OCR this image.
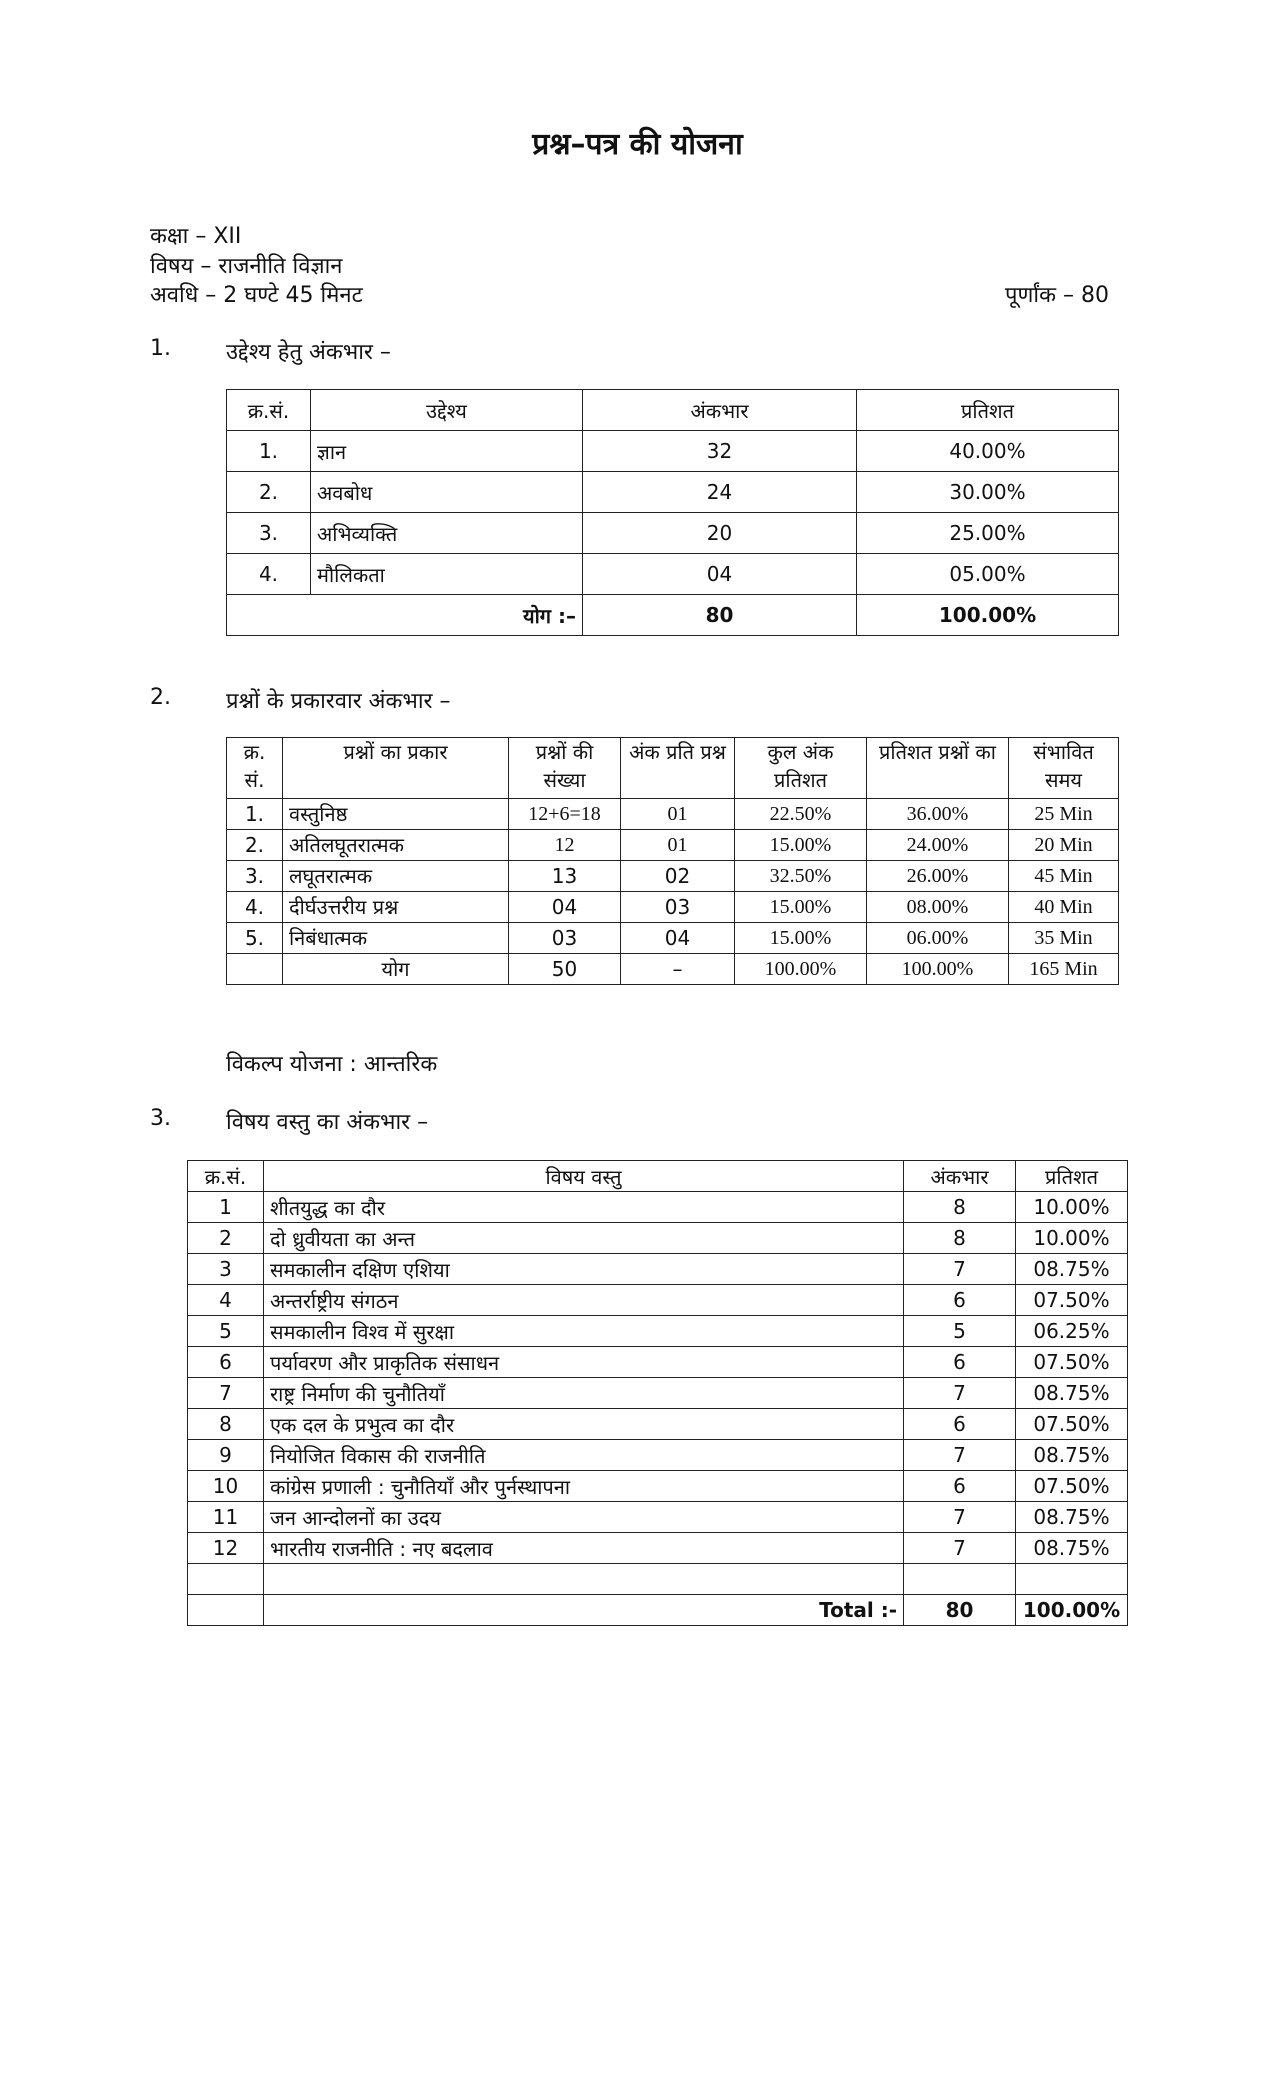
प्रश्न–पत्र की योजना
कक्षा – XII
विषय – राजनीति विज्ञान
अवधि – 2 घण्टे 45 मिनट	पूर्णांक – 80
1.	उद्देश्य हेतु अंकभार –
क्र.सं.	उद्देश्य	अंकभार	प्रतिशत
1.	ज्ञान	32	40.00%
2.	अवबोध	24	30.00%
3.	अभिव्यक्ति	20	25.00%
4.	मौलिकता	04	05.00%
योग :–		80	100.00%
2.	प्रश्नों के प्रकारवार अंकभार –
क्र. सं.	प्रश्नों का प्रकार	प्रश्नों की संख्या	अंक प्रति प्रश्न	कुल अंक प्रतिशत	प्रतिशत प्रश्नों का	संभावित समय
1.	वस्तुनिष्ठ	12+6=18	01	22.50%	36.00%	25 Min
2.	अतिलघूतरात्मक	12	01	15.00%	24.00%	20 Min
3.	लघूतरात्मक	13	02	32.50%	26.00%	45 Min
4.	दीर्घउत्तरीय प्रश्न	04	03	15.00%	08.00%	40 Min
5.	निबंधात्मक	03	04	15.00%	06.00%	35 Min
	योग	50	–	100.00%	100.00%	165 Min
विकल्प योजना : आन्तरिक
3.	विषय वस्तु का अंकभार –
क्र.सं.	विषय वस्तु	अंकभार	प्रतिशत
1	शीतयुद्ध का दौर	8	10.00%
2	दो ध्रुवीयता का अन्त	8	10.00%
3	समकालीन दक्षिण एशिया	7	08.75%
4	अन्तर्राष्ट्रीय संगठन	6	07.50%
5	समकालीन विश्व में सुरक्षा	5	06.25%
6	पर्यावरण और प्राकृतिक संसाधन	6	07.50%
7	राष्ट्र निर्माण की चुनौतियाँ	7	08.75%
8	एक दल के प्रभुत्व का दौर	6	07.50%
9	नियोजित विकास की राजनीति	7	08.75%
10	कांग्रेस प्रणाली : चुनौतियाँ और पुर्नस्थापना	6	07.50%
11	जन आन्दोलनों का उदय	7	08.75%
12	भारतीय राजनीति : नए बदलाव	7	08.75%

	Total :-	80	100.00%
